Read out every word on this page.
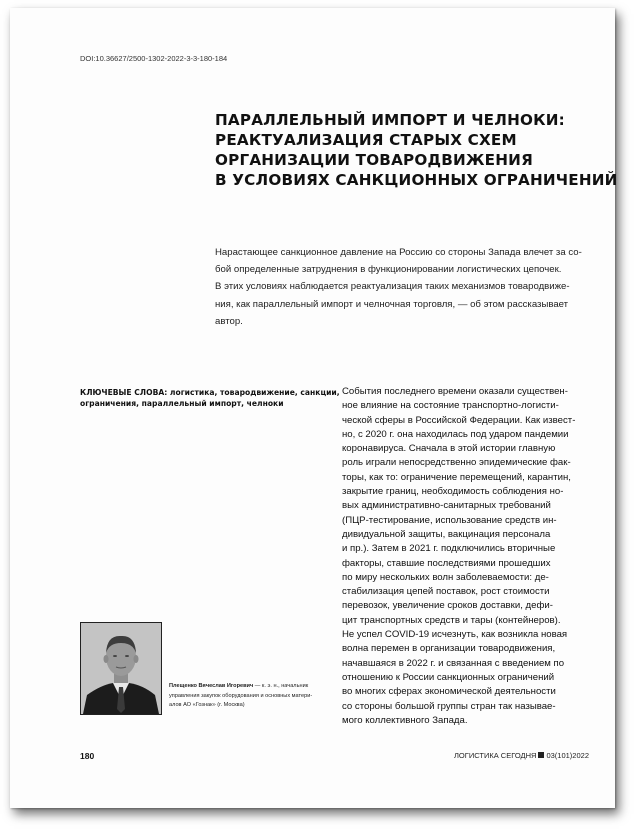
DOI:10.36627/2500-1302-2022-3-3-180-184
ПАРАЛЛЕЛЬНЫЙ ИМПОРТ И ЧЕЛНОКИ:
РЕАКТУАЛИЗАЦИЯ СТАРЫХ СХЕМ
ОРГАНИЗАЦИИ ТОВАРОДВИЖЕНИЯ
В УСЛОВИЯХ САНКЦИОННЫХ ОГРАНИЧЕНИЙ
Нарастающее санкционное давление на Россию со стороны Запада влечет за со-
бой определенные затруднения в функционировании логистических цепочек.
В этих условиях наблюдается реактуализация таких механизмов товародвиже-
ния, как параллельный импорт и челночная торговля, — об этом рассказывает
автор.
КЛЮЧЕВЫЕ СЛОВА: логистика, товародвижение, санкции,
ограничения, параллельный импорт, челноки
События последнего времени оказали существен-
ное влияние на состояние транспортно-логисти-
ческой сферы в Российской Федерации. Как извест-
но, с 2020 г. она находилась под ударом пандемии
коронавируса. Сначала в этой истории главную
роль играли непосредственно эпидемические фак-
торы, как то: ограничение перемещений, карантин,
закрытие границ, необходимость соблюдения но-
вых административно-санитарных требований
(ПЦР-тестирование, использование средств ин-
дивидуальной защиты, вакцинация персонала
и пр.). Затем в 2021 г. подключились вторичные
факторы, ставшие последствиями прошедших
по миру нескольких волн заболеваемости: де-
стабилизация цепей поставок, рост стоимости
перевозок, увеличение сроков доставки, дефи-
цит транспортных средств и тары (контейнеров).
Не успел COVID-19 исчезнуть, как возникла новая
волна перемен в организации товародвижения,
начавшаяся в 2022 г. и связанная с введением по
отношению к России санкционных ограничений
во многих сферах экономической деятельности
со стороны большой группы стран так называе-
мого коллективного Запада.
Плещенко Вячеслав Игоревич — к. э. н., начальник
управления закупок оборудования и основных матери-
алов АО «Гознак» (г. Москва)
180	ЛОГИСТИКА СЕГОДНЯ 03(101)2022
